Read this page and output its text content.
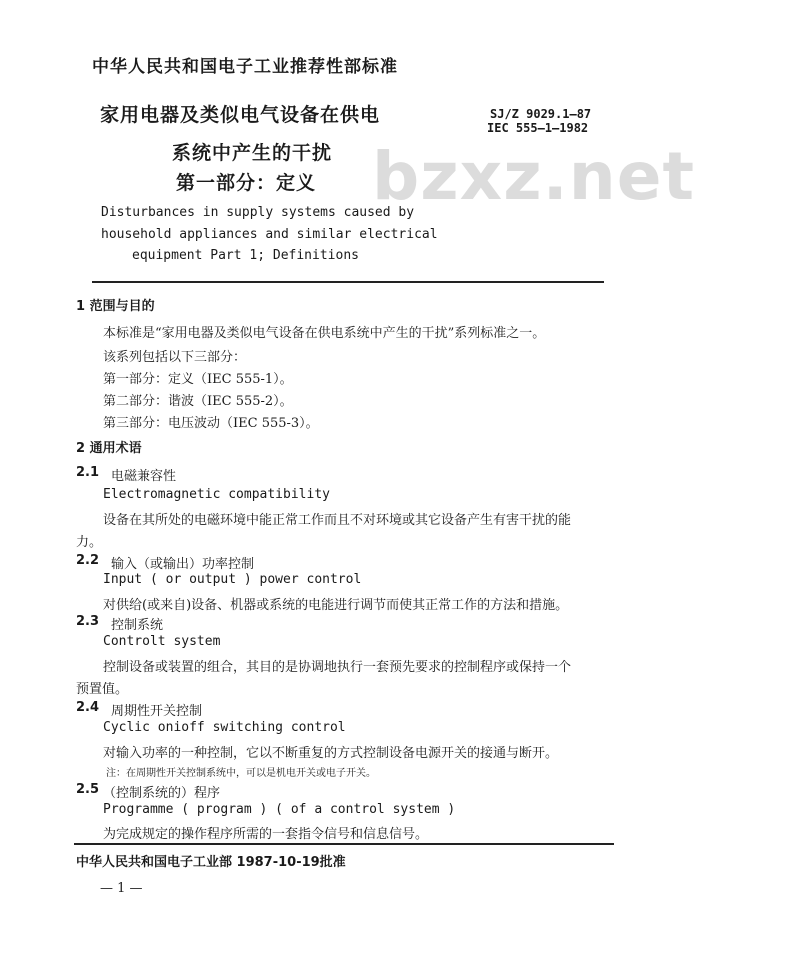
中华人民共和国电子工业推荐性部标准
家用电器及类似电气设备在供电
系统中产生的干扰
第一部分：定义
SJ/Z 9029.1—87
IEC 555—1—1982
bzxz.net
Disturbances in supply systems caused by
household appliances and similar electrical
equipment Part 1; Definitions
1 范围与目的
本标准是“家用电器及类似电气设备在供电系统中产生的干扰”系列标准之一。
该系列包括以下三部分：
第一部分：定义（IEC 555-1）。
第二部分：谐波（IEC 555-2）。
第三部分：电压波动（IEC 555-3）。
2 通用术语
2.1 电磁兼容性
Electromagnetic compatibility
设备在其所处的电磁环境中能正常工作而且不对环境或其它设备产生有害干扰的能
力。
2.2 输入（或输出）功率控制
Input ( or output ) power control
对供给(或来自)设备、机器或系统的电能进行调节而使其正常工作的方法和措施。
2.3 控制系统
Controlt system
控制设备或装置的组合，其目的是协调地执行一套预先要求的控制程序或保持一个
预置值。
2.4 周期性开关控制
Cyclic onioff switching control
对输入功率的一种控制，它以不断重复的方式控制设备电源开关的接通与断开。
注：在周期性开关控制系统中，可以是机电开关或电子开关。
2.5 （控制系统的）程序
Programme ( program ) ( of a control system )
为完成规定的操作程序所需的一套指令信号和信息信号。
中华人民共和国电子工业部 1987-10-19批准
— 1 —
